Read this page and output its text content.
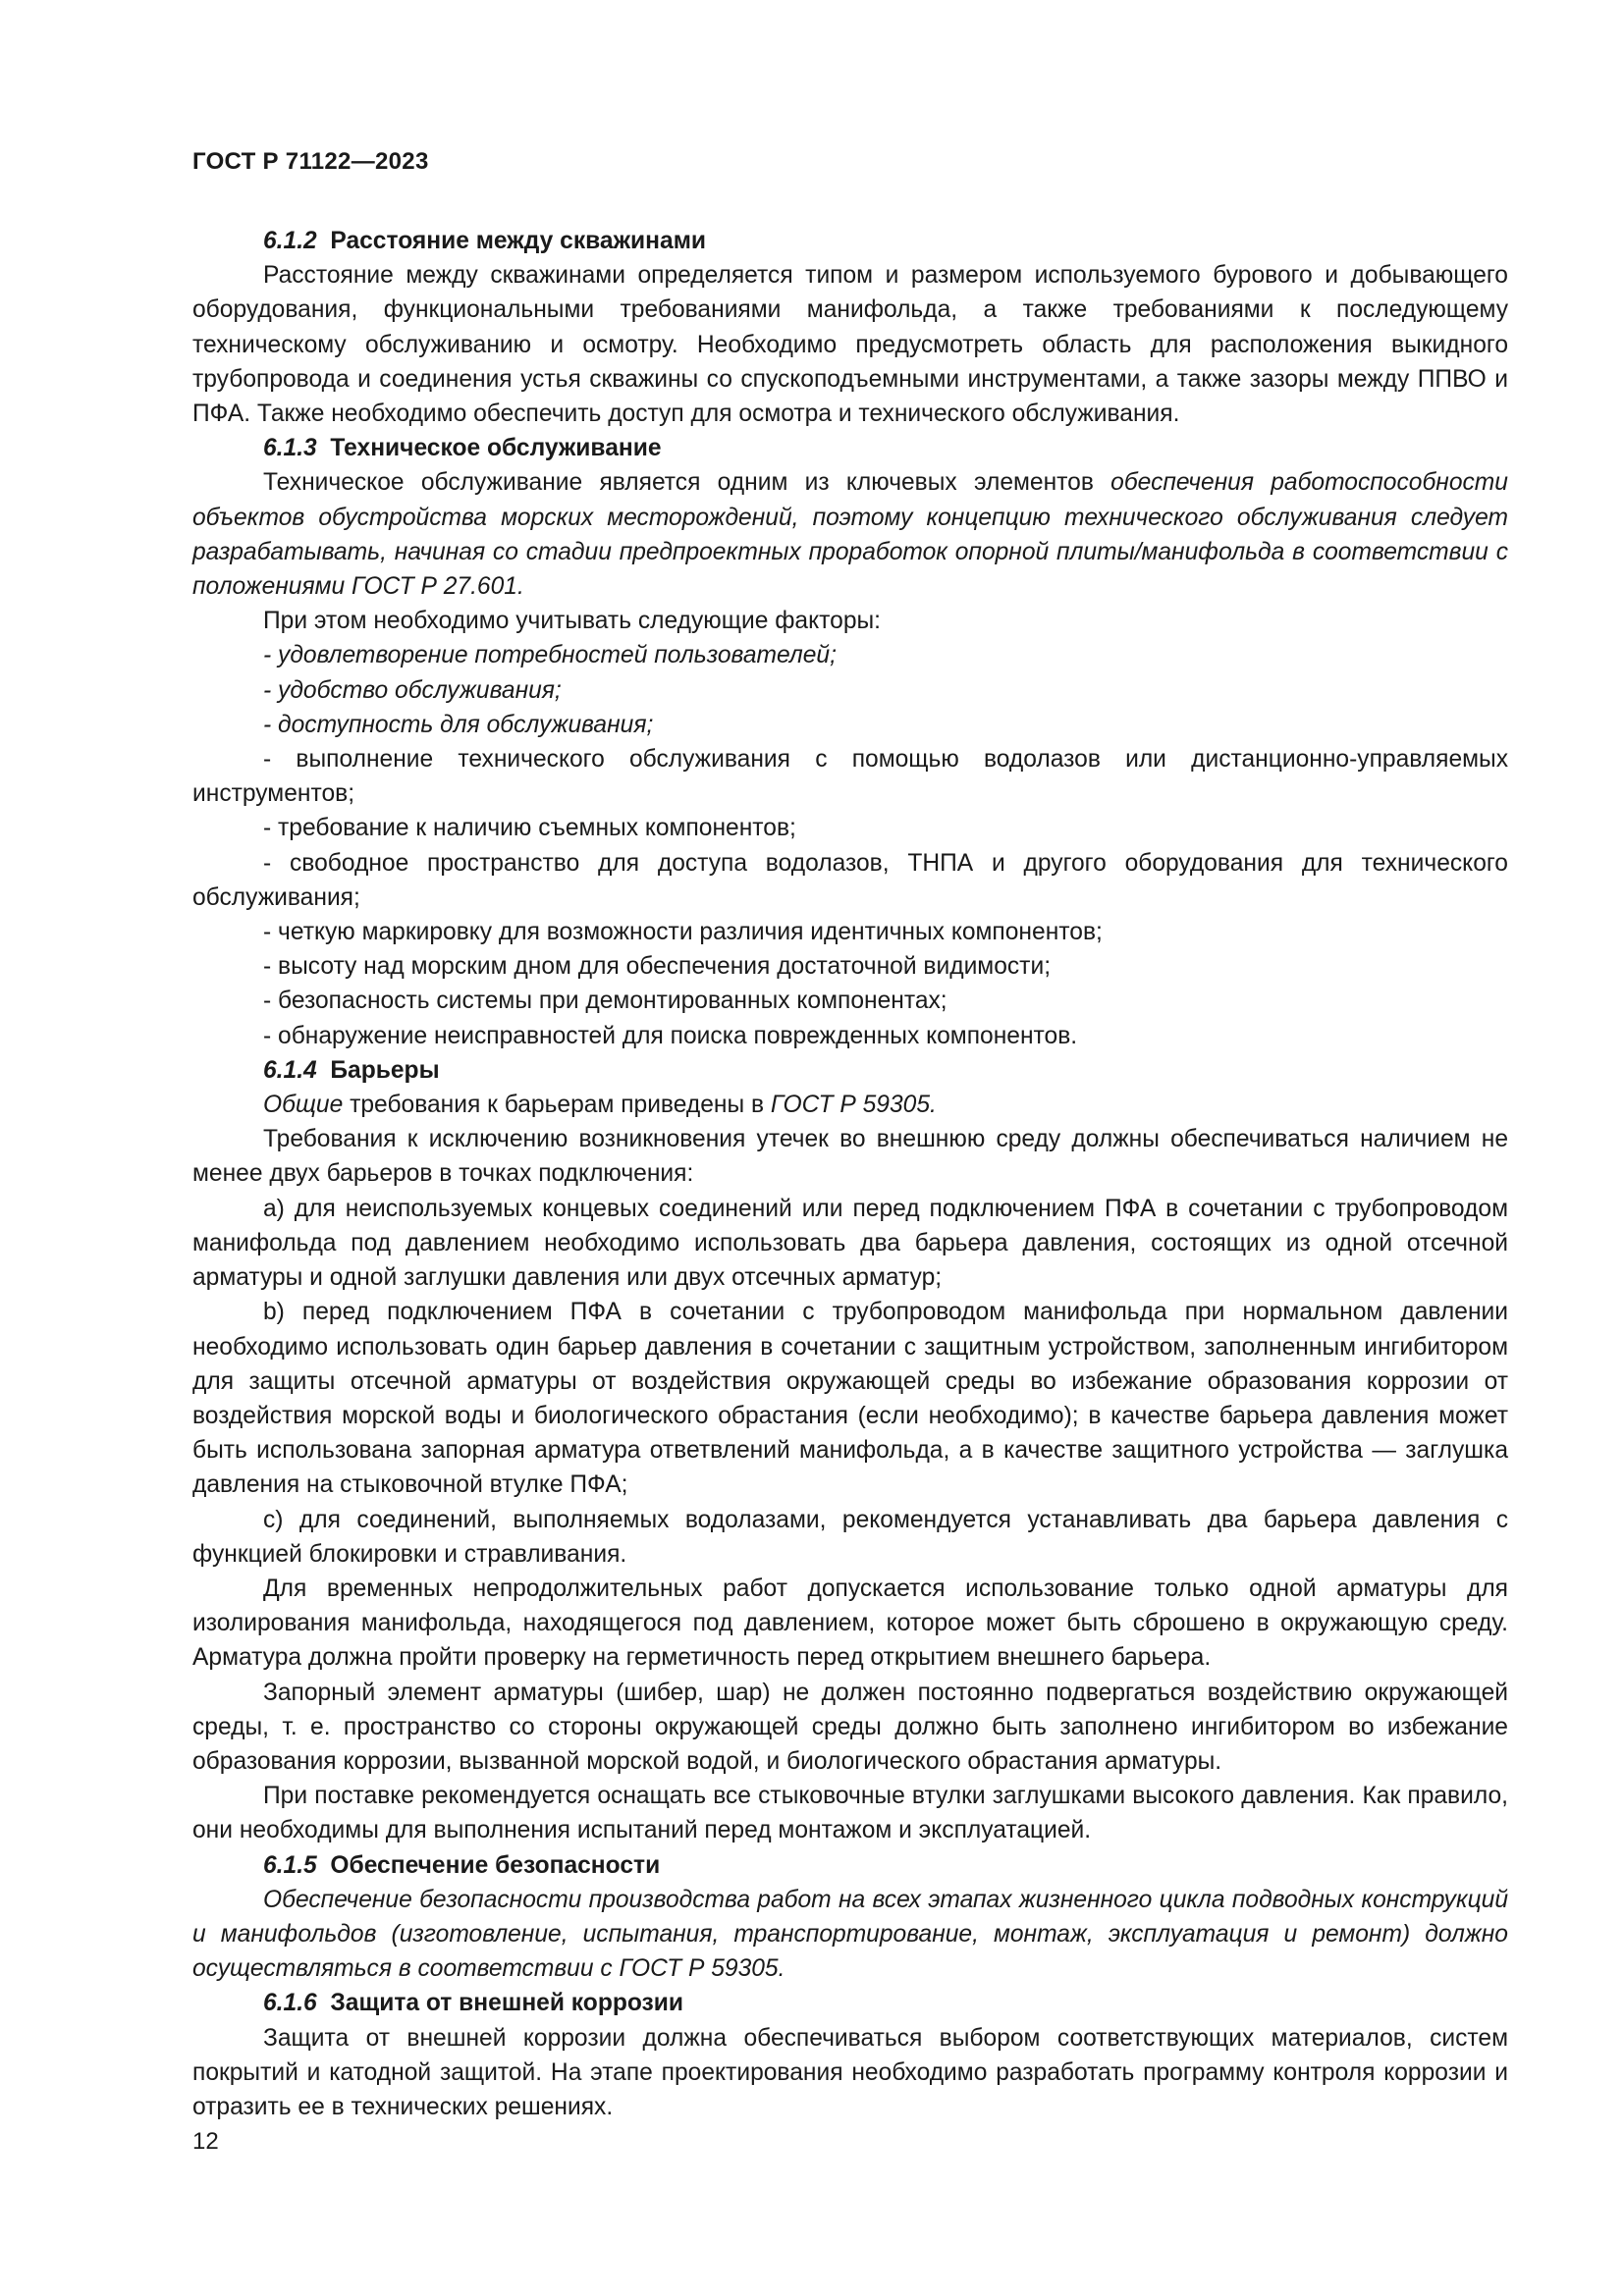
ГОСТ Р 71122—2023

6.1.2 Расстояние между скважинами

Расстояние между скважинами определяется типом и размером используемого бурового и добывающего оборудования, функциональными требованиями манифольда, а также требованиями к последующему техническому обслуживанию и осмотру. Необходимо предусмотреть область для расположения выкидного трубопровода и соединения устья скважины со спускоподъемными инструментами, а также зазоры между ППВО и ПФА. Также необходимо обеспечить доступ для осмотра и технического обслуживания.

6.1.3 Техническое обслуживание

Техническое обслуживание является одним из ключевых элементов обеспечения работоспособности объектов обустройства морских месторождений, поэтому концепцию технического обслуживания следует разрабатывать, начиная со стадии предпроектных проработок опорной плиты/манифольда в соответствии с положениями ГОСТ Р 27.601.

При этом необходимо учитывать следующие факторы:

- удовлетворение потребностей пользователей;

- удобство обслуживания;

- доступность для обслуживания;

- выполнение технического обслуживания с помощью водолазов или дистанционно-управляемых инструментов;

- требование к наличию съемных компонентов;

- свободное пространство для доступа водолазов, ТНПА и другого оборудования для технического обслуживания;

- четкую маркировку для возможности различия идентичных компонентов;

- высоту над морским дном для обеспечения достаточной видимости;

- безопасность системы при демонтированных компонентах;

- обнаружение неисправностей для поиска поврежденных компонентов.

6.1.4 Барьеры

Общие требования к барьерам приведены в ГОСТ Р 59305.

Требования к исключению возникновения утечек во внешнюю среду должны обеспечиваться наличием не менее двух барьеров в точках подключения:

а) для неиспользуемых концевых соединений или перед подключением ПФА в сочетании с трубопроводом манифольда под давлением необходимо использовать два барьера давления, состоящих из одной отсечной арматуры и одной заглушки давления или двух отсечных арматур;

b) перед подключением ПФА в сочетании с трубопроводом манифольда при нормальном давлении необходимо использовать один барьер давления в сочетании с защитным устройством, заполненным ингибитором для защиты отсечной арматуры от воздействия окружающей среды во избежание образования коррозии от воздействия морской воды и биологического обрастания (если необходимо); в качестве барьера давления может быть использована запорная арматура ответвлений манифольда, а в качестве защитного устройства — заглушка давления на стыковочной втулке ПФА;

с) для соединений, выполняемых водолазами, рекомендуется устанавливать два барьера давления с функцией блокировки и стравливания.

Для временных непродолжительных работ допускается использование только одной арматуры для изолирования манифольда, находящегося под давлением, которое может быть сброшено в окружающую среду. Арматура должна пройти проверку на герметичность перед открытием внешнего барьера.

Запорный элемент арматуры (шибер, шар) не должен постоянно подвергаться воздействию окружающей среды, т. е. пространство со стороны окружающей среды должно быть заполнено ингибитором во избежание образования коррозии, вызванной морской водой, и биологического обрастания арматуры.

При поставке рекомендуется оснащать все стыковочные втулки заглушками высокого давления. Как правило, они необходимы для выполнения испытаний перед монтажом и эксплуатацией.

6.1.5 Обеспечение безопасности

Обеспечение безопасности производства работ на всех этапах жизненного цикла подводных конструкций и манифольдов (изготовление, испытания, транспортирование, монтаж, эксплуатация и ремонт) должно осуществляться в соответствии с ГОСТ Р 59305.

6.1.6 Защита от внешней коррозии

Защита от внешней коррозии должна обеспечиваться выбором соответствующих материалов, систем покрытий и катодной защитой. На этапе проектирования необходимо разработать программу контроля коррозии и отразить ее в технических решениях.

12
